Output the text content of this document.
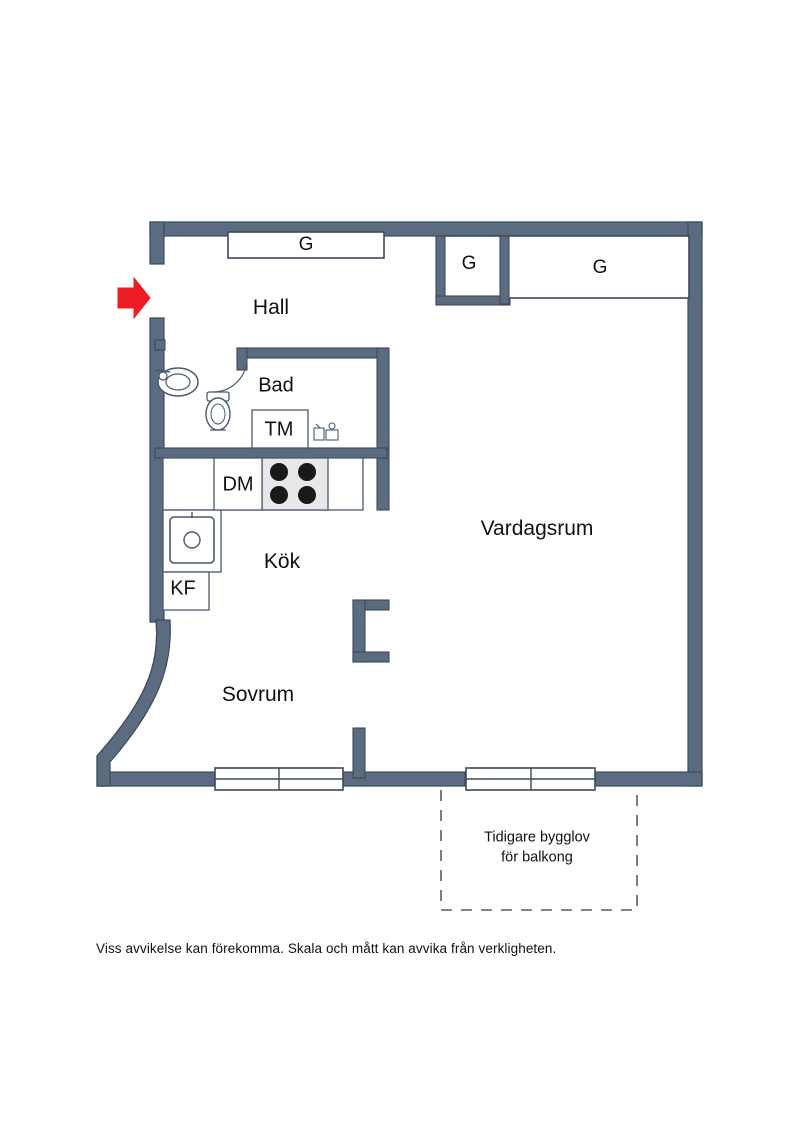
Hall
Bad
Kök
Sovrum
Vardagsrum
TM
DM
KF
G
G	G
Tidigare bygglov
för balkong
Viss avvikelse kan förekomma. Skala och mått kan avvika från verkligheten.
